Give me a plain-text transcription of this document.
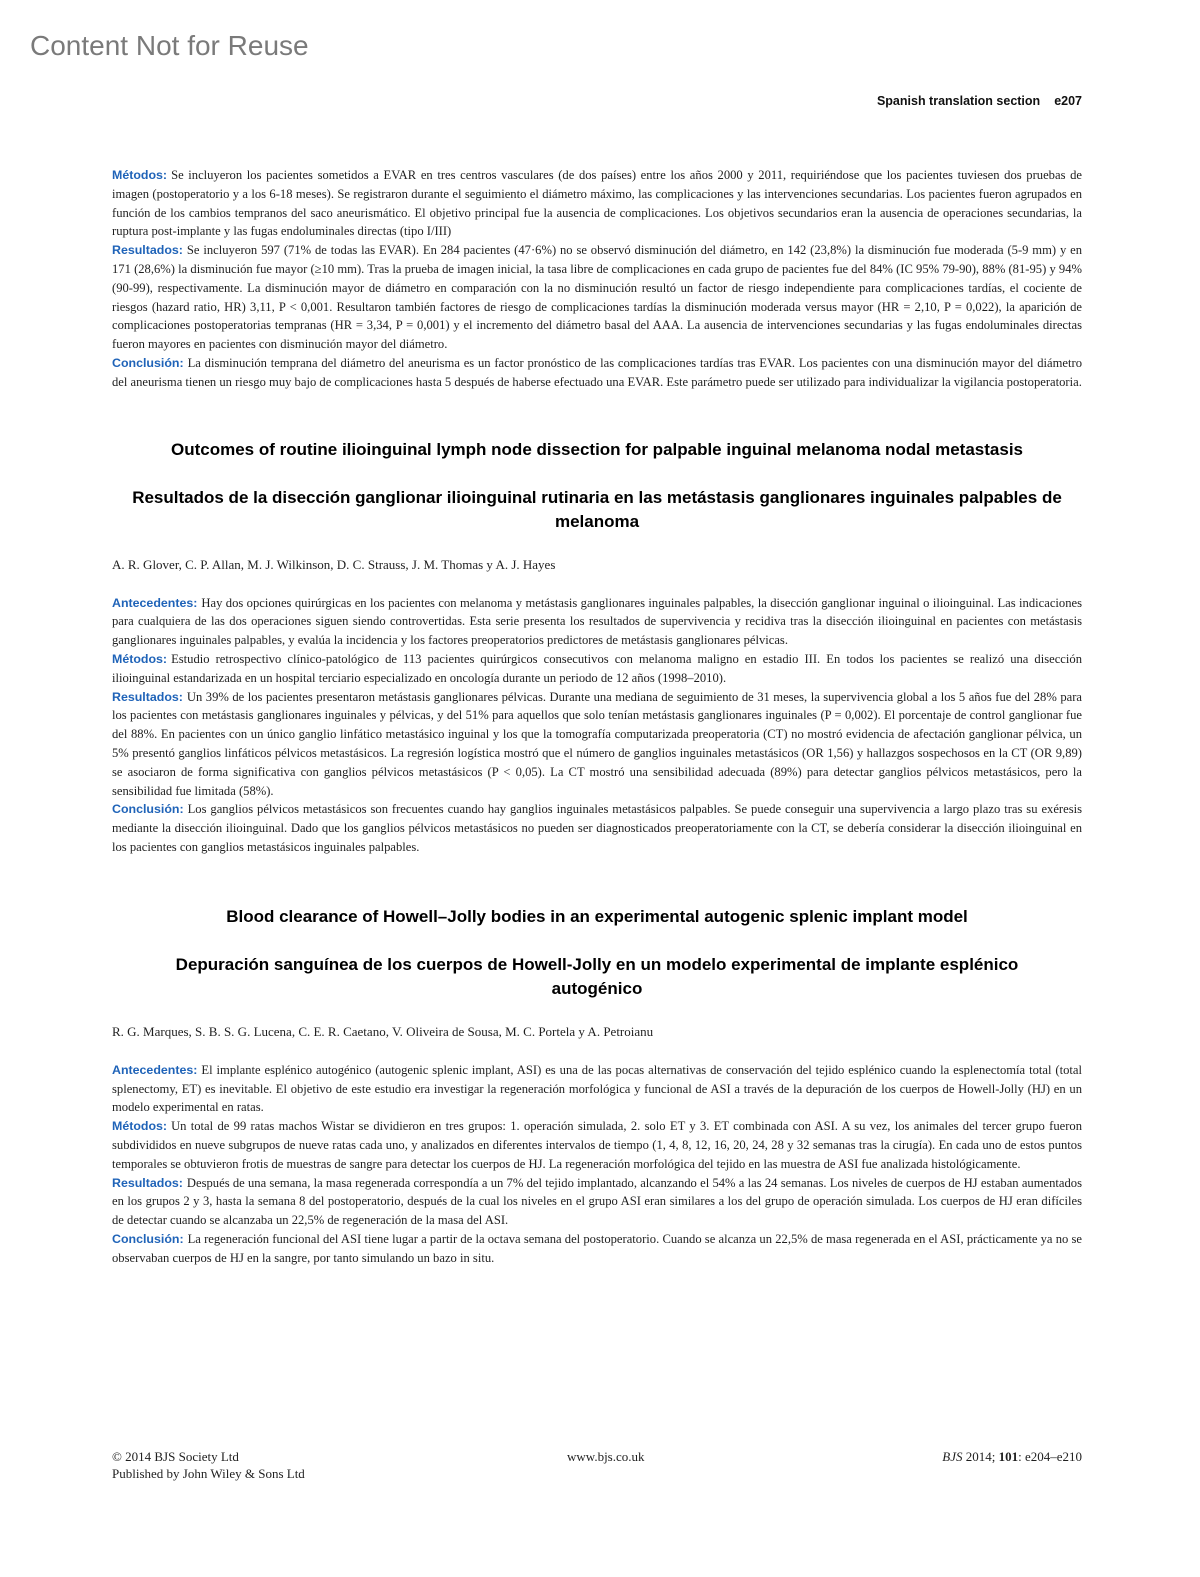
Content Not for Reuse
Spanish translation section e207

Métodos: Se incluyeron los pacientes sometidos a EVAR en tres centros vasculares (de dos países) entre los años 2000 y 2011, requiriéndose que los pacientes tuviesen dos pruebas de imagen (postoperatorio y a los 6-18 meses). Se registraron durante el seguimiento el diámetro máximo, las complicaciones y las intervenciones secundarias. Los pacientes fueron agrupados en función de los cambios tempranos del saco aneurismático. El objetivo principal fue la ausencia de complicaciones. Los objetivos secundarios eran la ausencia de operaciones secundarias, la ruptura post-implante y las fugas endoluminales directas (tipo I/III)

Resultados: Se incluyeron 597 (71% de todas las EVAR). En 284 pacientes (47·6%) no se observó disminución del diámetro, en 142 (23,8%) la disminución fue moderada (5-9 mm) y en 171 (28,6%) la disminución fue mayor (≥10 mm). Tras la prueba de imagen inicial, la tasa libre de complicaciones en cada grupo de pacientes fue del 84% (IC 95% 79-90), 88% (81-95) y 94% (90-99), respectivamente. La disminución mayor de diámetro en comparación con la no disminución resultó un factor de riesgo independiente para complicaciones tardías, el cociente de riesgos (hazard ratio, HR) 3,11, P < 0,001. Resultaron también factores de riesgo de complicaciones tardías la disminución moderada versus mayor (HR = 2,10, P = 0,022), la aparición de complicaciones postoperatorias tempranas (HR = 3,34, P = 0,001) y el incremento del diámetro basal del AAA. La ausencia de intervenciones secundarias y las fugas endoluminales directas fueron mayores en pacientes con disminución mayor del diámetro.

Conclusión: La disminución temprana del diámetro del aneurisma es un factor pronóstico de las complicaciones tardías tras EVAR. Los pacientes con una disminución mayor del diámetro del aneurisma tienen un riesgo muy bajo de complicaciones hasta 5 después de haberse efectuado una EVAR. Este parámetro puede ser utilizado para individualizar la vigilancia postoperatoria.

Outcomes of routine ilioinguinal lymph node dissection for palpable inguinal melanoma nodal metastasis
Resultados de la disección ganglionar ilioinguinal rutinaria en las metástasis ganglionares inguinales palpables de melanoma

A. R. Glover, C. P. Allan, M. J. Wilkinson, D. C. Strauss, J. M. Thomas y A. J. Hayes

Antecedentes: Hay dos opciones quirúrgicas en los pacientes con melanoma y metástasis ganglionares inguinales palpables, la disección ganglionar inguinal o ilioinguinal. Las indicaciones para cualquiera de las dos operaciones siguen siendo controvertidas. Esta serie presenta los resultados de supervivencia y recidiva tras la disección ilioinguinal en pacientes con metástasis ganglionares inguinales palpables, y evalúa la incidencia y los factores preoperatorios predictores de metástasis ganglionares pélvicas.

Métodos: Estudio retrospectivo clínico-patológico de 113 pacientes quirúrgicos consecutivos con melanoma maligno en estadio III. En todos los pacientes se realizó una disección ilioinguinal estandarizada en un hospital terciario especializado en oncología durante un periodo de 12 años (1998–2010).

Resultados: Un 39% de los pacientes presentaron metástasis ganglionares pélvicas. Durante una mediana de seguimiento de 31 meses, la supervivencia global a los 5 años fue del 28% para los pacientes con metástasis ganglionares inguinales y pélvicas, y del 51% para aquellos que solo tenían metástasis ganglionares inguinales (P = 0,002). El porcentaje de control ganglionar fue del 88%. En pacientes con un único ganglio linfático metastásico inguinal y los que la tomografía computarizada preoperatoria (CT) no mostró evidencia de afectación ganglionar pélvica, un 5% presentó ganglios linfáticos pélvicos metastásicos. La regresión logística mostró que el número de ganglios inguinales metastásicos (OR 1,56) y hallazgos sospechosos en la CT (OR 9,89) se asociaron de forma significativa con ganglios pélvicos metastásicos (P < 0,05). La CT mostró una sensibilidad adecuada (89%) para detectar ganglios pélvicos metastásicos, pero la sensibilidad fue limitada (58%).

Conclusión: Los ganglios pélvicos metastásicos son frecuentes cuando hay ganglios inguinales metastásicos palpables. Se puede conseguir una supervivencia a largo plazo tras su exéresis mediante la disección ilioinguinal. Dado que los ganglios pélvicos metastásicos no pueden ser diagnosticados preoperatoriamente con la CT, se debería considerar la disección ilioinguinal en los pacientes con ganglios metastásicos inguinales palpables.

Blood clearance of Howell–Jolly bodies in an experimental autogenic splenic implant model
Depuración sanguínea de los cuerpos de Howell-Jolly en un modelo experimental de implante esplénico autogénico

R. G. Marques, S. B. S. G. Lucena, C. E. R. Caetano, V. Oliveira de Sousa, M. C. Portela y A. Petroianu

Antecedentes: El implante esplénico autogénico (autogenic splenic implant, ASI) es una de las pocas alternativas de conservación del tejido esplénico cuando la esplenectomía total (total splenectomy, ET) es inevitable. El objetivo de este estudio era investigar la regeneración morfológica y funcional de ASI a través de la depuración de los cuerpos de Howell-Jolly (HJ) en un modelo experimental en ratas.

Métodos: Un total de 99 ratas machos Wistar se dividieron en tres grupos: 1. operación simulada, 2. solo ET y 3. ET combinada con ASI. A su vez, los animales del tercer grupo fueron subdivididos en nueve subgrupos de nueve ratas cada uno, y analizados en diferentes intervalos de tiempo (1, 4, 8, 12, 16, 20, 24, 28 y 32 semanas tras la cirugía). En cada uno de estos puntos temporales se obtuvieron frotis de muestras de sangre para detectar los cuerpos de HJ. La regeneración morfológica del tejido en las muestra de ASI fue analizada histológicamente.

Resultados: Después de una semana, la masa regenerada correspondía a un 7% del tejido implantado, alcanzando el 54% a las 24 semanas. Los niveles de cuerpos de HJ estaban aumentados en los grupos 2 y 3, hasta la semana 8 del postoperatorio, después de la cual los niveles en el grupo ASI eran similares a los del grupo de operación simulada. Los cuerpos de HJ eran difíciles de detectar cuando se alcanzaba un 22,5% de regeneración de la masa del ASI.

Conclusión: La regeneración funcional del ASI tiene lugar a partir de la octava semana del postoperatorio. Cuando se alcanza un 22,5% de masa regenerada en el ASI, prácticamente ya no se observaban cuerpos de HJ en la sangre, por tanto simulando un bazo in situ.

© 2014 BJS Society Ltd
Published by John Wiley & Sons Ltd
www.bjs.co.uk	BJS 2014; 101: e204–e210
